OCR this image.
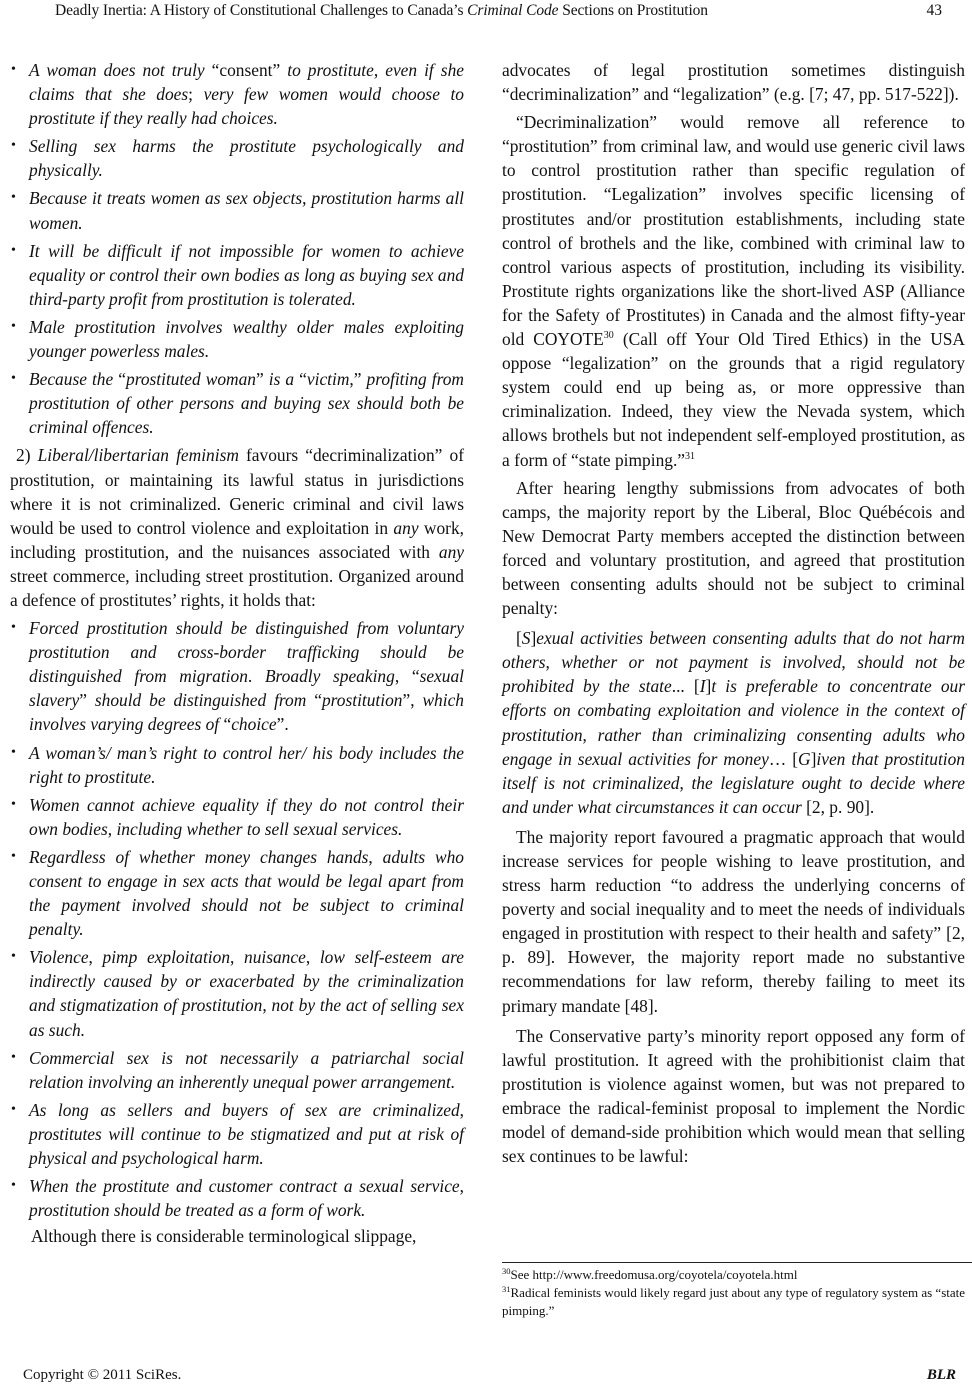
Deadly Inertia: A History of Constitutional Challenges to Canada’s Criminal Code Sections on Prostitution	43
• A woman does not truly “consent” to prostitute, even if she claims that she does; very few women would choose to prostitute if they really had choices.
• Selling sex harms the prostitute psychologically and physically.
• Because it treats women as sex objects, prostitution harms all women.
• It will be difficult if not impossible for women to achieve equality or control their own bodies as long as buying sex and third-party profit from prostitution is tolerated.
• Male prostitution involves wealthy older males exploiting younger powerless males.
• Because the “prostituted woman” is a “victim,” profiting from prostitution of other persons and buying sex should both be criminal offences.
2) Liberal/libertarian feminism favours “decriminalization” of prostitution, or maintaining its lawful status in jurisdictions where it is not criminalized. Generic criminal and civil laws would be used to control violence and exploitation in any work, including prostitution, and the nuisances associated with any street commerce, including street prostitution. Organized around a defence of prostitutes’ rights, it holds that:
• Forced prostitution should be distinguished from voluntary prostitution and cross-border trafficking should be distinguished from migration. Broadly speaking, “sexual slavery” should be distinguished from “prostitution”, which involves varying degrees of “choice”.
• A woman’s/ man’s right to control her/ his body includes the right to prostitute.
• Women cannot achieve equality if they do not control their own bodies, including whether to sell sexual services.
• Regardless of whether money changes hands, adults who consent to engage in sex acts that would be legal apart from the payment involved should not be subject to criminal penalty.
• Violence, pimp exploitation, nuisance, low self-esteem are indirectly caused by or exacerbated by the criminalization and stigmatization of prostitution, not by the act of selling sex as such.
• Commercial sex is not necessarily a patriarchal social relation involving an inherently unequal power arrangement.
• As long as sellers and buyers of sex are criminalized, prostitutes will continue to be stigmatized and put at risk of physical and psychological harm.
• When the prostitute and customer contract a sexual service, prostitution should be treated as a form of work.
Although there is considerable terminological slippage,
advocates of legal prostitution sometimes distinguish “decriminalization” and “legalization” (e.g. [7; 47, pp. 517-522]).
“Decriminalization” would remove all reference to “prostitution” from criminal law, and would use generic civil laws to control prostitution rather than specific regulation of prostitution. “Legalization” involves specific licensing of prostitutes and/or prostitution establishments, including state control of brothels and the like, combined with criminal law to control various aspects of prostitution, including its visibility. Prostitute rights organizations like the short-lived ASP (Alliance for the Safety of Prostitutes) in Canada and the almost fifty-year old COYOTE$^{30}$ (Call off Your Old Tired Ethics) in the USA oppose “legalization” on the grounds that a rigid regulatory system could end up being as, or more oppressive than criminalization. Indeed, they view the Nevada system, which allows brothels but not independent self-employed prostitution, as a form of “state pimping.”$^{31}$
After hearing lengthy submissions from advocates of both camps, the majority report by the Liberal, Bloc Québécois and New Democrat Party members accepted the distinction between forced and voluntary prostitution, and agreed that prostitution between consenting adults should not be subject to criminal penalty:
[S]exual activities between consenting adults that do not harm others, whether or not payment is involved, should not be prohibited by the state... [I]t is preferable to concentrate our efforts on combating exploitation and violence in the context of prostitution, rather than criminalizing consenting adults who engage in sexual activities for money… [G]iven that prostitution itself is not criminalized, the legislature ought to decide where and under what circumstances it can occur [2, p. 90].
The majority report favoured a pragmatic approach that would increase services for people wishing to leave prostitution, and stress harm reduction “to address the underlying concerns of poverty and social inequality and to meet the needs of individuals engaged in prostitution with respect to their health and safety” [2, p. 89]. However, the majority report made no substantive recommendations for law reform, thereby failing to meet its primary mandate [48].
The Conservative party’s minority report opposed any form of lawful prostitution. It agreed with the prohibitionist claim that prostitution is violence against women, but was not prepared to embrace the radical-feminist proposal to implement the Nordic model of demand-side prohibition which would mean that selling sex continues to be lawful:
$^{30}$See http://www.freedomusa.org/coyotela/coyotela.html
$^{31}$Radical feminists would likely regard just about any type of regulatory system as “state pimping.”
Copyright © 2011 SciRes.	BLR
